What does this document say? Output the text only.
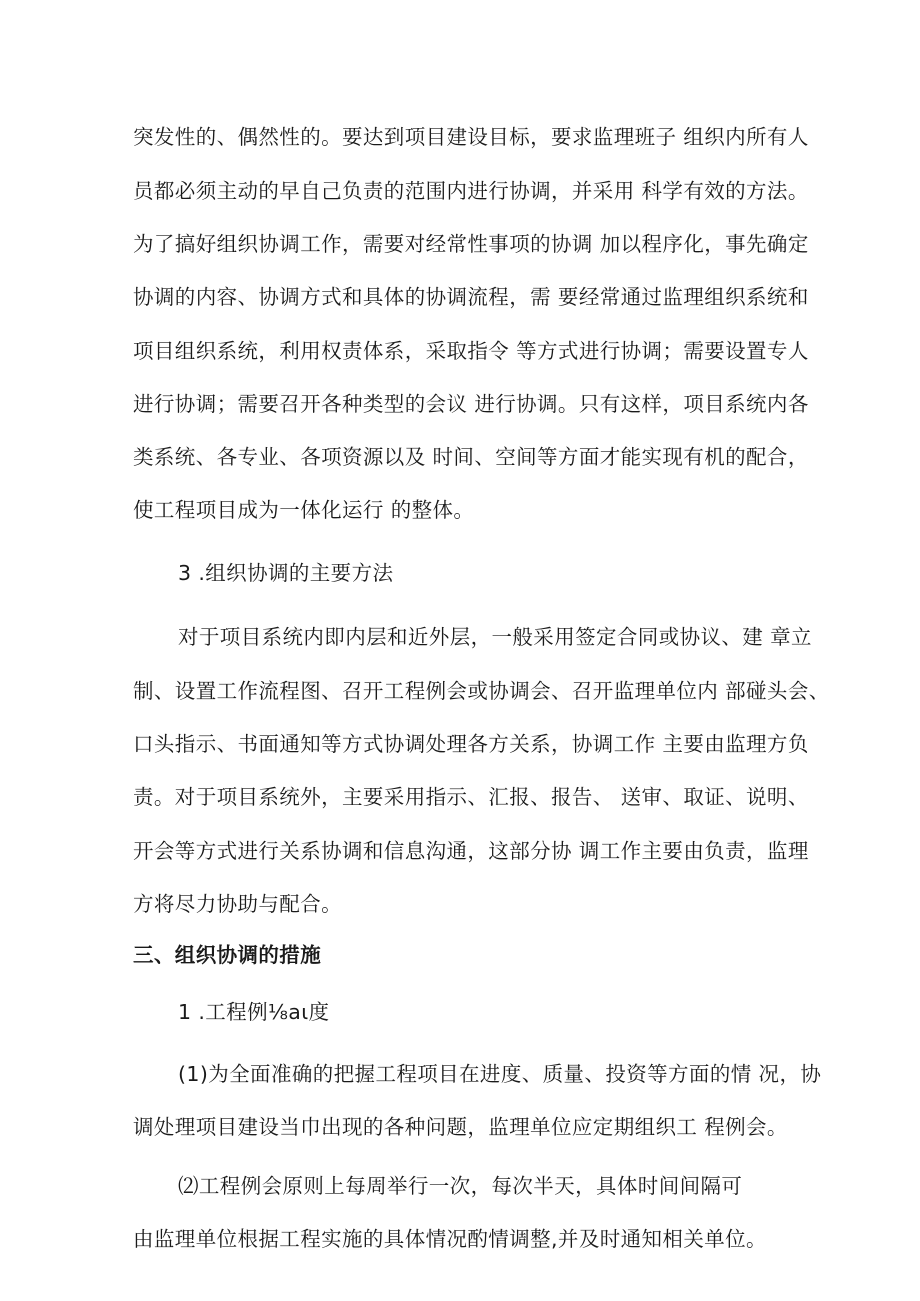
突发性的、偶然性的。要达到项目建设目标，要求监理班子 组织内所有人
员都必须主动的早自己负责的范围内进行协调，并采用 科学有效的方法。
为了搞好组织协调工作，需要对经常性事项的协调 加以程序化，事先确定
协调的内容、协调方式和具体的协调流程，需 要经常通过监理组织系统和
项目组织系统，利用权责体系，采取指令 等方式进行协调；需要设置专人
进行协调；需要召开各种类型的会议 进行协调。只有这样，项目系统内各
类系统、各专业、各项资源以及 时间、空间等方面才能实现有机的配合，
使工程项目成为一体化运行 的整体。
3 .组织协调的主要方法
对于项目系统内即内层和近外层，一般采用签定合同或协议、建 章立
制、设置工作流程图、召开工程例会或协调会、召开监理单位内 部碰头会、
口头指示、书面通知等方式协调处理各方关系，协调工作 主要由监理方负
责。对于项目系统外，主要采用指示、汇报、报告、 送审、取证、说明、
开会等方式进行关系协调和信息沟通，这部分协 调工作主要由负责，监理
方将尽力协助与配合。
三、组织协调的措施
1 .工程例⅛aι度
(1)为全面准确的把握工程项目在进度、质量、投资等方面的情 况，协
调处理项目建设当巾出现的各种问题，监理单位应定期组织工 程例会。
⑵工程例会原则上每周举行一次，每次半天，具体时间间隔可
由监理单位根据工程实施的具体情况酌情调整,并及时通知相关单位。
